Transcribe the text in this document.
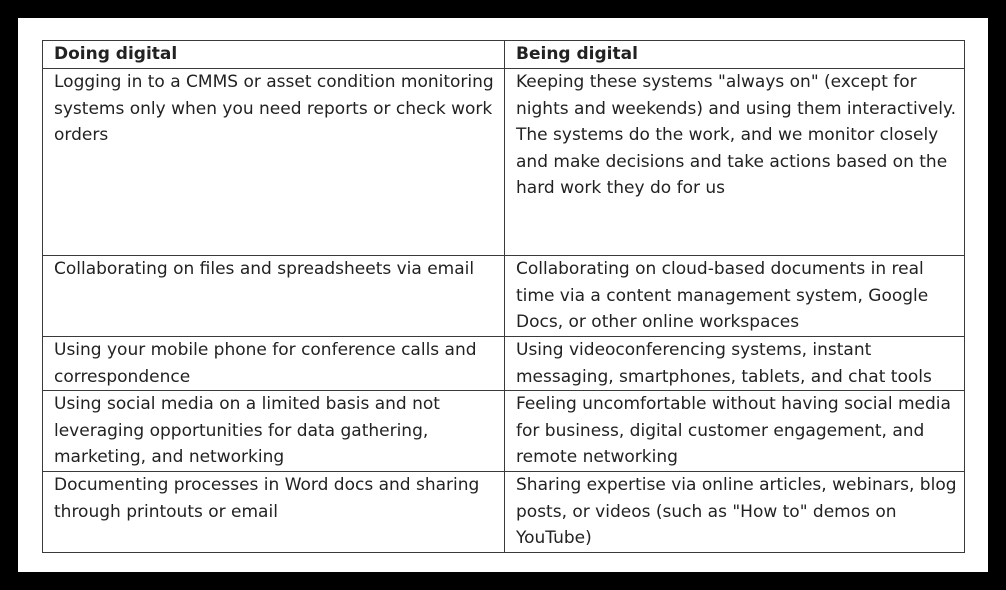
Doing digital	Being digital

Logging in to a CMMS or asset condition monitoring systems only when you need reports or check work orders	Keeping these systems "always on" (except for nights and weekends) and using them interactively. The systems do the work, and we monitor closely and make decisions and take actions based on the hard work they do for us

Collaborating on files and spreadsheets via email	Collaborating on cloud-based documents in real time via a content management system, Google Docs, or other online workspaces

Using your mobile phone for conference calls and correspondence	Using videoconferencing systems, instant messaging, smartphones, tablets, and chat tools

Using social media on a limited basis and not leveraging opportunities for data gathering, marketing, and networking	Feeling uncomfortable without having social media for business, digital customer engagement, and remote networking

Documenting processes in Word docs and sharing through printouts or email	Sharing expertise via online articles, webinars, blog posts, or videos (such as "How to" demos on YouTube)
